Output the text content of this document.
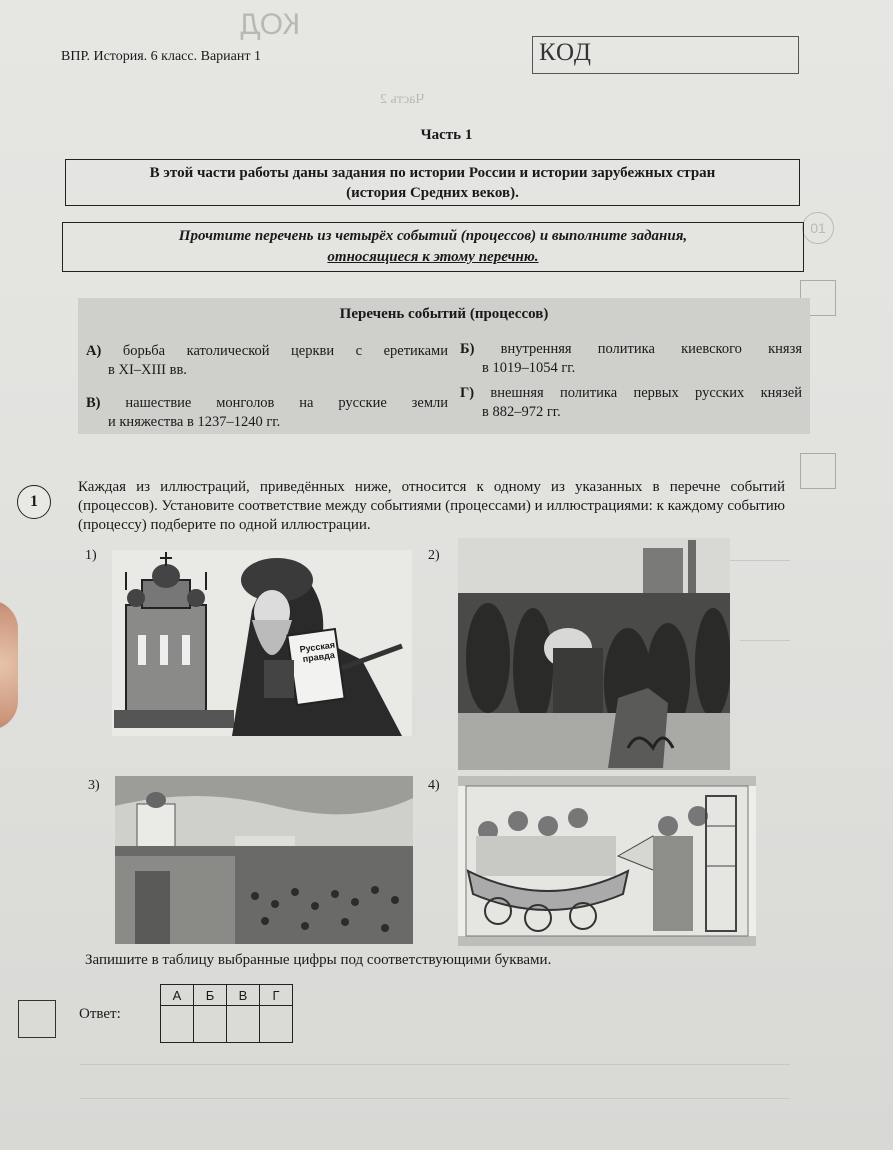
КОД
Часть 2
01
ВПР. История. 6 класс. Вариант 1	КОД
Часть 1
В этой части работы даны задания по истории России и истории зарубежных стран
(история Средних веков).
Прочтите перечень из четырёх событий (процессов) и выполните задания,
относящиеся к этому перечню.
Перечень событий (процессов)
А) борьба католической церкви с еретиками
в XI–XIII вв.
Б) внутренняя политика киевского князя
в 1019–1054 гг.
В) нашествие монголов на русские земли
и княжества в 1237–1240 гг.
Г) внешняя политика первых русских князей
в 882–972 гг.
1
Каждая из иллюстраций, приведённых ниже, относится к одному из указанных в перечне событий (процессов). Установите соответствие между событиями (процессами) и иллюстрациями: к каждому событию (процессу) подберите по одной иллюстрации.
1)	2)
3)	4)
Русская правда
Запишите в таблицу выбранные цифры под соответствующими буквами.
Ответ:
А	Б	В	Г
